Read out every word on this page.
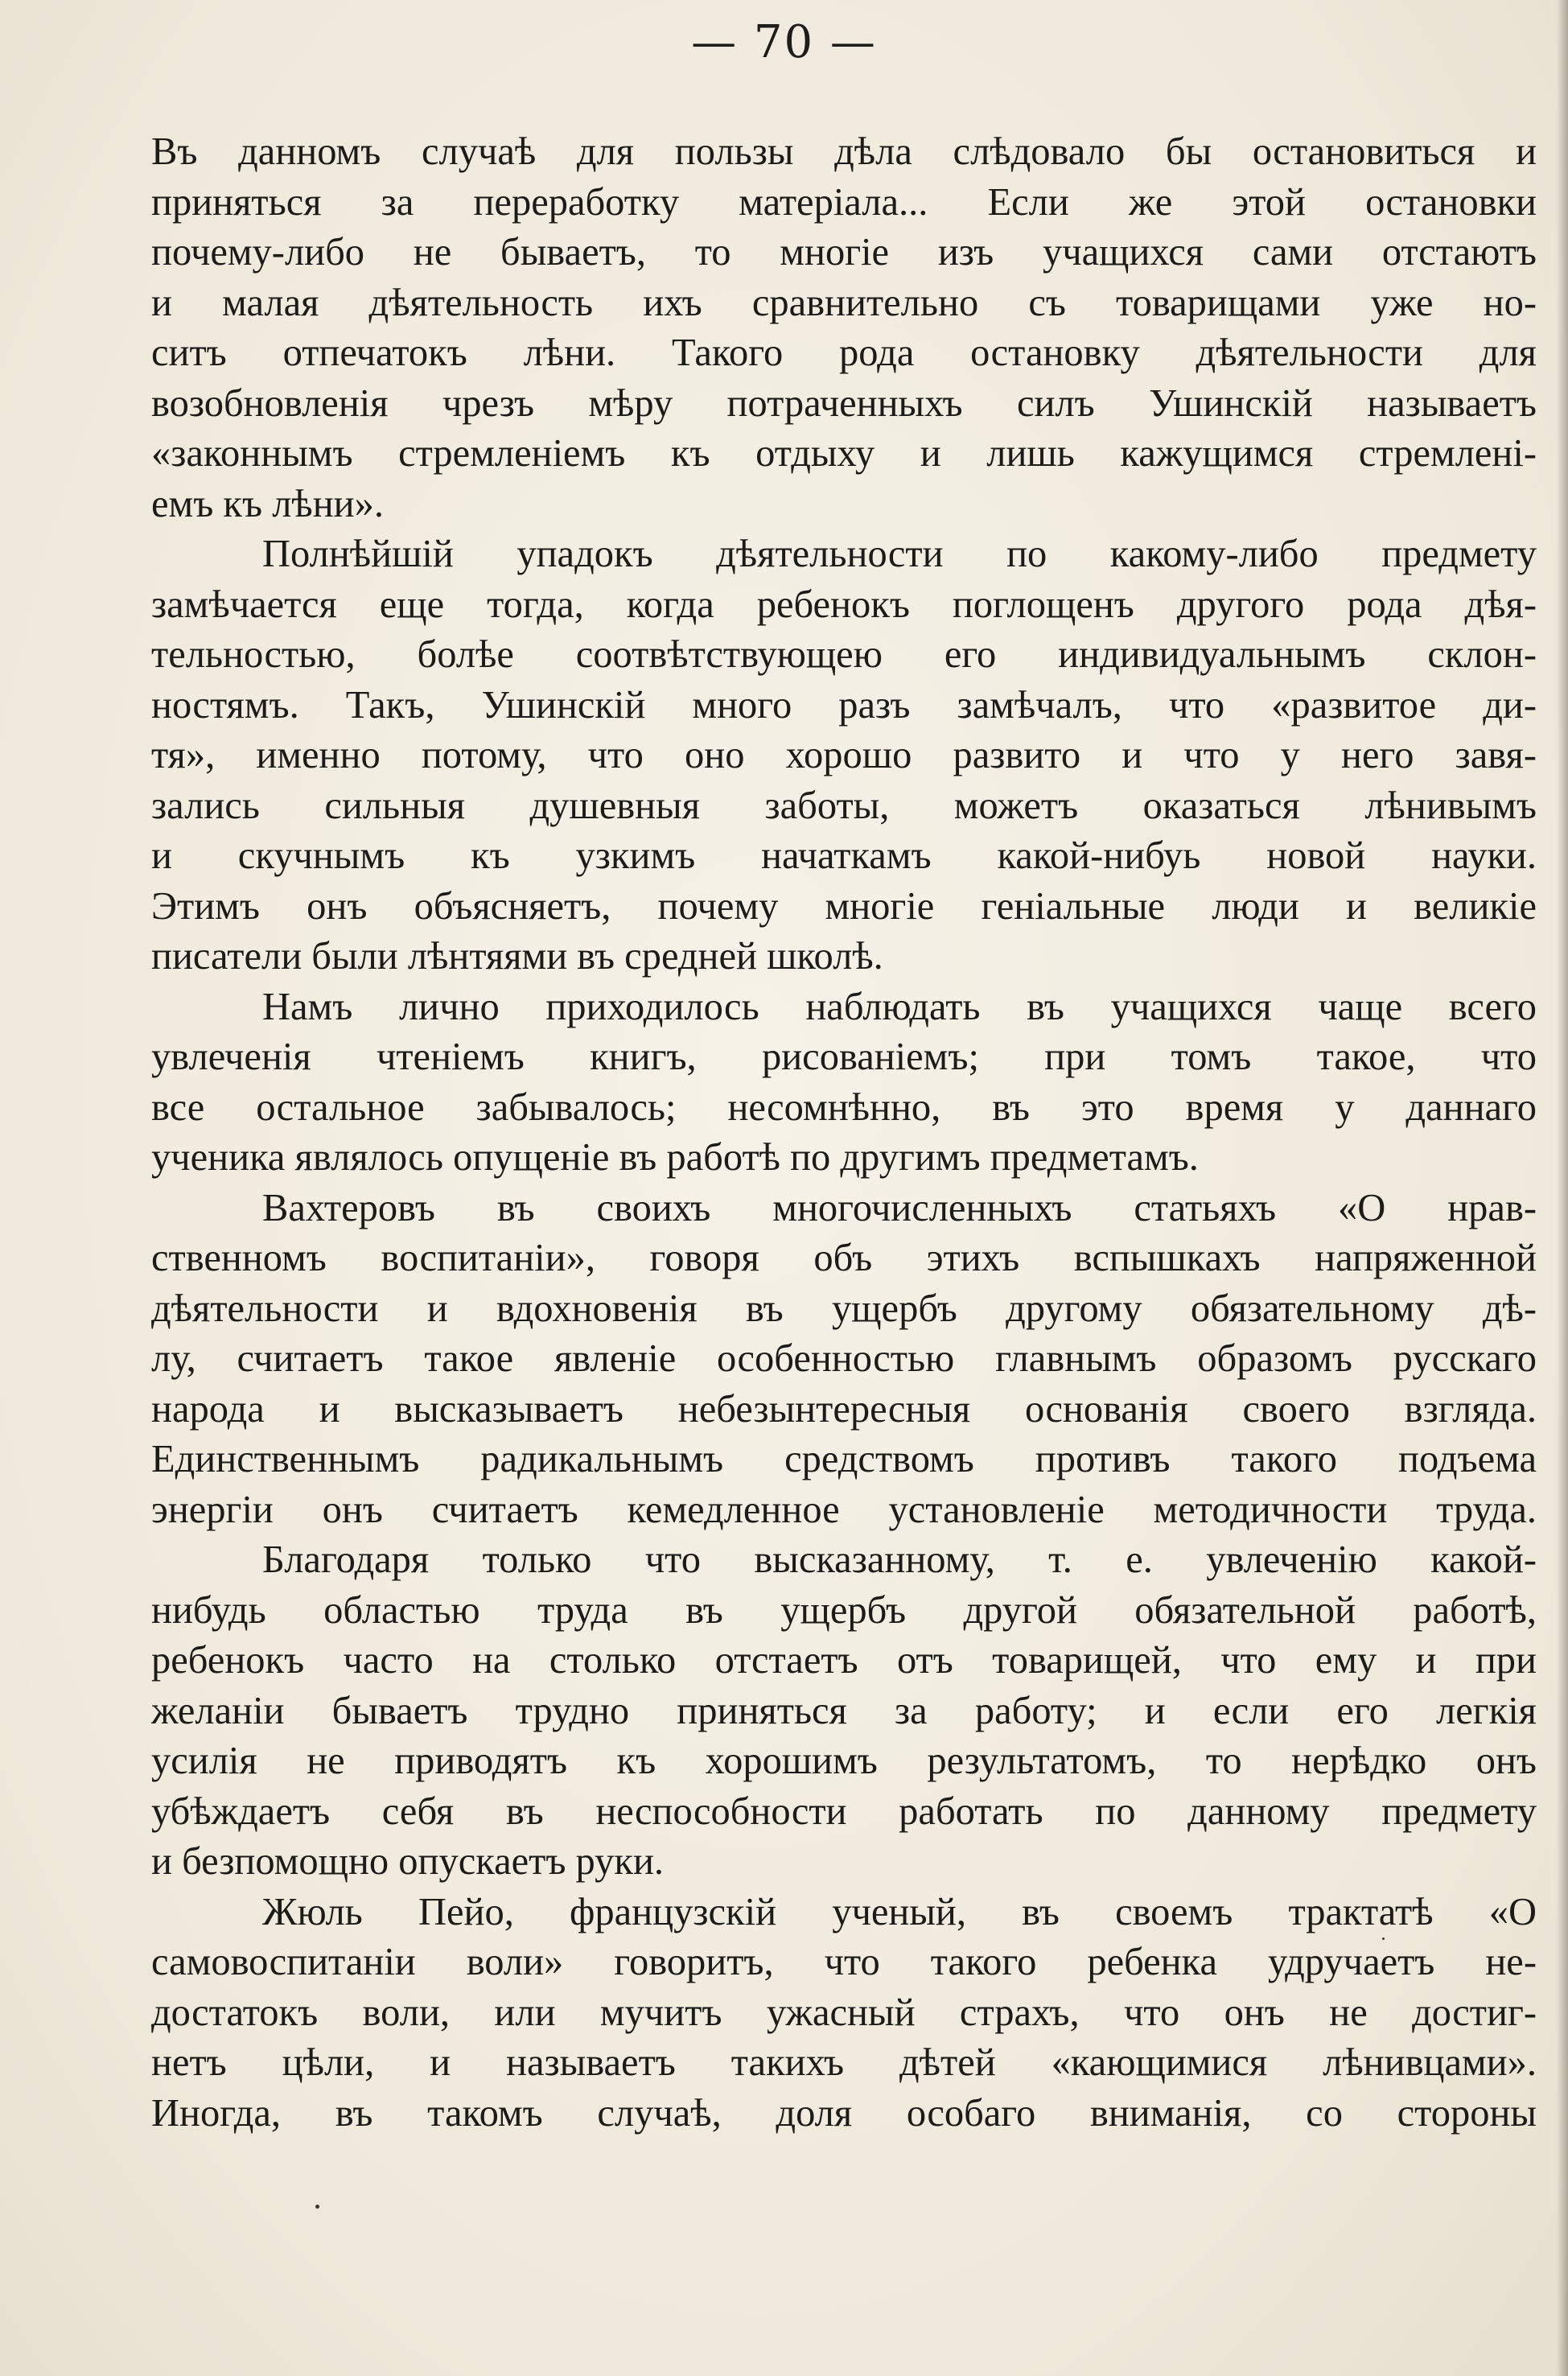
— 70 —
Въ данномъ случаѣ для пользы дѣла слѣдовало бы остановиться и
приняться за переработку матеріала... Если же этой остановки
почему-либо не бываетъ, то многіе изъ учащихся сами отстаютъ
и малая дѣятельность ихъ сравнительно съ товарищами уже но-
ситъ отпечатокъ лѣни. Такого рода остановку дѣятельности для
возобновленія чрезъ мѣру потраченныхъ силъ Ушинскій называетъ
«законнымъ стремленіемъ къ отдыху и лишь кажущимся стремлені-
емъ къ лѣни».
Полнѣйшій упадокъ дѣятельности по какому-либо предмету
замѣчается еще тогда, когда ребенокъ поглощенъ другого рода дѣя-
тельностью, болѣе соотвѣтствующею его индивидуальнымъ склон-
ностямъ. Такъ, Ушинскій много разъ замѣчалъ, что «развитое ди-
тя», именно потому, что оно хорошо развито и что у него завя-
зались сильныя душевныя заботы, можетъ оказаться лѣнивымъ
и скучнымъ къ узкимъ начаткамъ какой-нибуь новой науки.
Этимъ онъ объясняетъ, почему многіе геніальные люди и великіе
писатели были лѣнтяями въ средней школѣ.
Намъ лично приходилось наблюдать въ учащихся чаще всего
увлеченія чтеніемъ книгъ, рисованіемъ; при томъ такое, что
все остальное забывалось; несомнѣнно, въ это время у даннаго
ученика являлось опущеніе въ работѣ по другимъ предметамъ.
Вахтеровъ въ своихъ многочисленныхъ статьяхъ «О нрав-
ственномъ воспитаніи», говоря объ этихъ вспышкахъ напряженной
дѣятельности и вдохновенія въ ущербъ другому обязательному дѣ-
лу, считаетъ такое явленіе особенностью главнымъ образомъ русскаго
народа и высказываетъ небезынтересныя основанія своего взгляда.
Единственнымъ радикальнымъ средствомъ противъ такого подъема
энергіи онъ считаетъ кемедленное установленіе методичности труда.
Благодаря только что высказанному, т. е. увлеченію какой-
нибудь областью труда въ ущербъ другой обязательной работѣ,
ребенокъ часто на столько отстаетъ отъ товарищей, что ему и при
желаніи бываетъ трудно приняться за работу; и если его легкія
усилія не приводятъ къ хорошимъ результатомъ, то нерѣдко онъ
убѣждаетъ себя въ неспособности работать по данному предмету
и безпомощно опускаетъ руки.
Жюль Пейо, французскій ученый, въ своемъ трактатѣ «О
самовоспитаніи воли» говоритъ, что такого ребенка удручаетъ не-
достатокъ воли, или мучитъ ужасный страхъ, что онъ не достиг-
нетъ цѣли, и называетъ такихъ дѣтей «кающимися лѣнивцами».
Иногда, въ такомъ случаѣ, доля особаго вниманія, со стороны
